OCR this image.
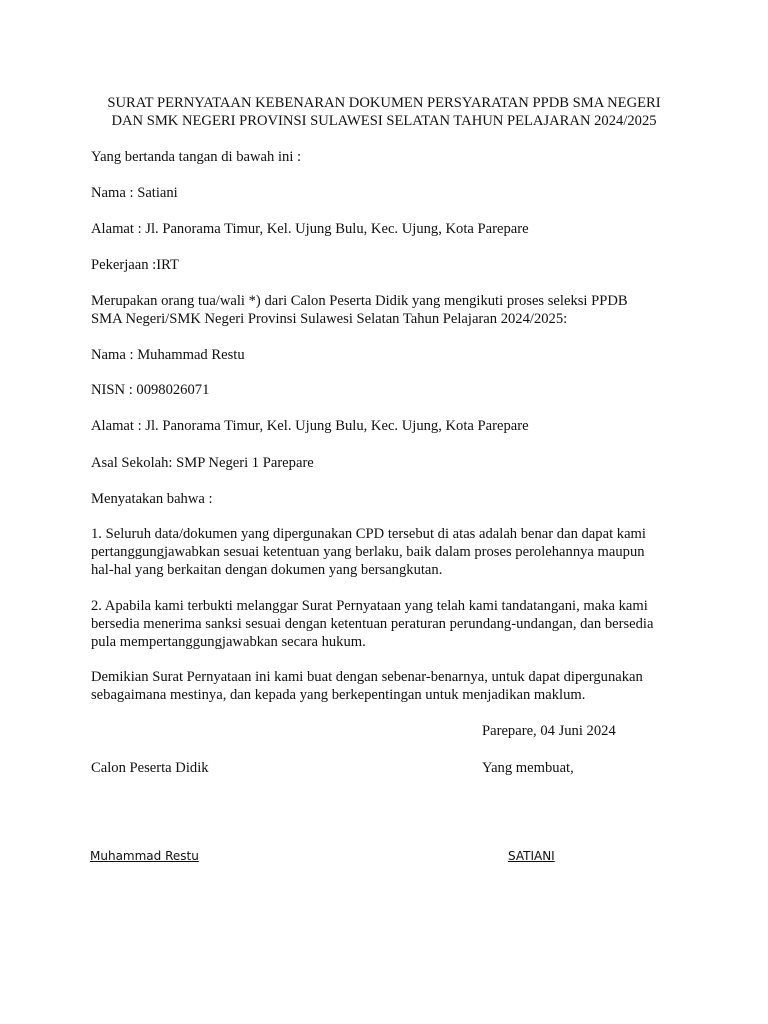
SURAT PERNYATAAN KEBENARAN DOKUMEN PERSYARATAN PPDB SMA NEGERI
DAN SMK NEGERI PROVINSI SULAWESI SELATAN TAHUN PELAJARAN 2024/2025

Yang bertanda tangan di bawah ini :

Nama : Satiani

Alamat : Jl. Panorama Timur, Kel. Ujung Bulu, Kec. Ujung, Kota Parepare

Pekerjaan :IRT

Merupakan orang tua/wali *) dari Calon Peserta Didik yang mengikuti proses seleksi PPDB
SMA Negeri/SMK Negeri Provinsi Sulawesi Selatan Tahun Pelajaran 2024/2025:

Nama : Muhammad Restu

NISN : 0098026071

Alamat : Jl. Panorama Timur, Kel. Ujung Bulu, Kec. Ujung, Kota Parepare

Asal Sekolah: SMP Negeri 1 Parepare

Menyatakan bahwa :

1. Seluruh data/dokumen yang dipergunakan CPD tersebut di atas adalah benar dan dapat kami
pertanggungjawabkan sesuai ketentuan yang berlaku, baik dalam proses perolehannya maupun
hal-hal yang berkaitan dengan dokumen yang bersangkutan.

2. Apabila kami terbukti melanggar Surat Pernyataan yang telah kami tandatangani, maka kami
bersedia menerima sanksi sesuai dengan ketentuan peraturan perundang-undangan, dan bersedia
pula mempertanggungjawabkan secara hukum.

Demikian Surat Pernyataan ini kami buat dengan sebenar-benarnya, untuk dapat dipergunakan
sebagaimana mestinya, dan kepada yang berkepentingan untuk menjadikan maklum.

Parepare, 04 Juni 2024
Calon Peserta Didik	Yang membuat,
Muhammad Restu	SATIANI
